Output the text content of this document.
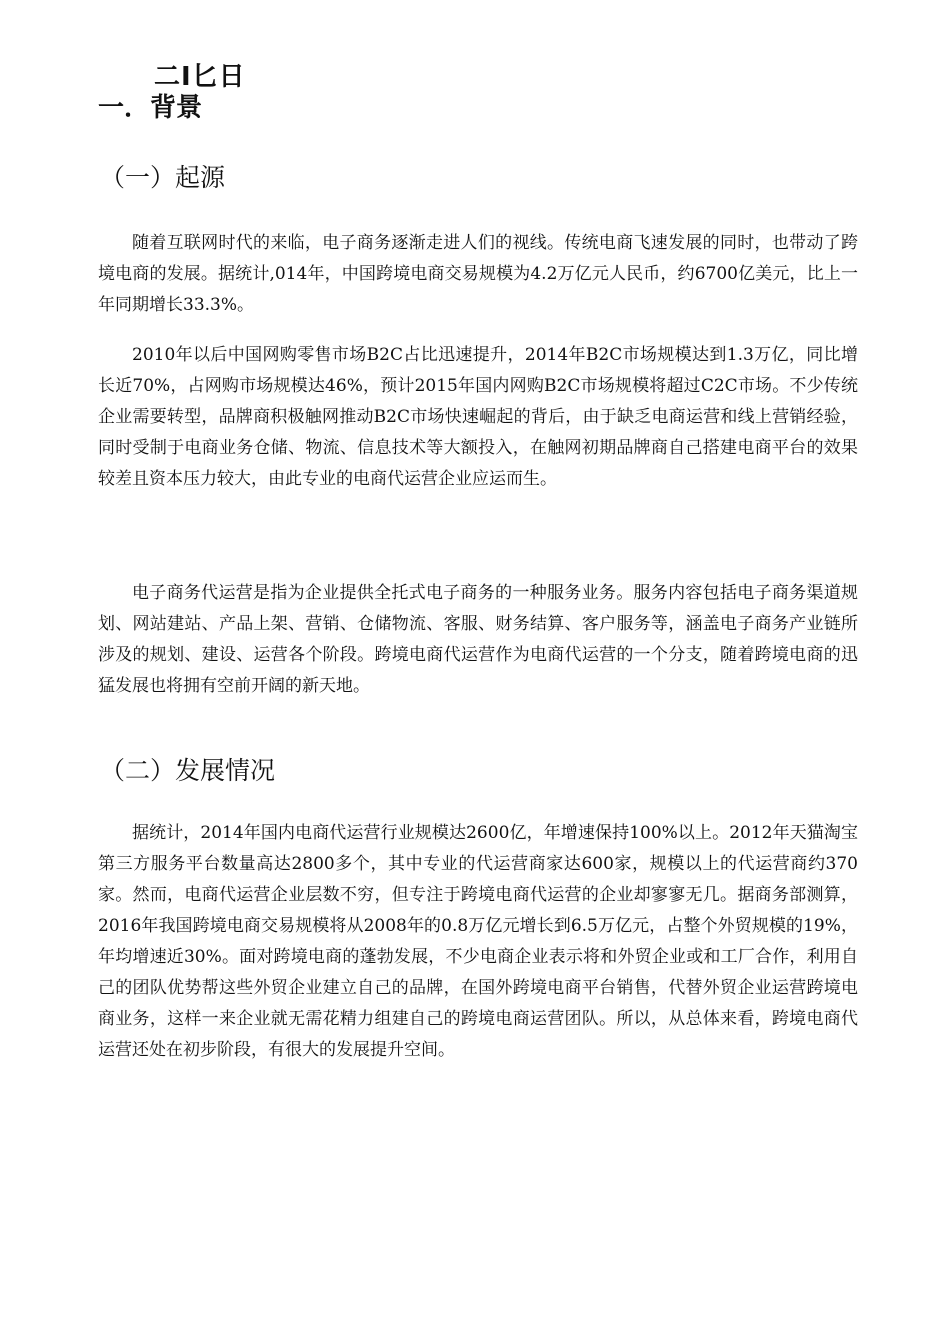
二I匕日
一．背景
（一）起源

随着互联网时代的来临，电子商务逐渐走进人们的视线。传统电商飞速发展的同时，也带动了跨境电商的发展。据统计,014年，中国跨境电商交易规模为4.2万亿元人民币，约6700亿美元，比上一年同期增长33.3%。

2010年以后中国网购零售市场B2C占比迅速提升，2014年B2C市场规模达到1.3万亿，同比增长近70%，占网购市场规模达46%，预计2015年国内网购B2C市场规模将超过C2C市场。不少传统企业需要转型，品牌商积极触网推动B2C市场快速崛起的背后，由于缺乏电商运营和线上营销经验，同时受制于电商业务仓储、物流、信息技术等大额投入，在触网初期品牌商自己搭建电商平台的效果较差且资本压力较大，由此专业的电商代运营企业应运而生。

电子商务代运营是指为企业提供全托式电子商务的一种服务业务。服务内容包括电子商务渠道规划、网站建站、产品上架、营销、仓储物流、客服、财务结算、客户服务等，涵盖电子商务产业链所涉及的规划、建设、运营各个阶段。跨境电商代运营作为电商代运营的一个分支，随着跨境电商的迅猛发展也将拥有空前开阔的新天地。

（二）发展情况

据统计，2014年国内电商代运营行业规模达2600亿，年增速保持100%以上。2012年天猫淘宝第三方服务平台数量高达2800多个，其中专业的代运营商家达600家，规模以上的代运营商约370家。然而，电商代运营企业层数不穷，但专注于跨境电商代运营的企业却寥寥无几。据商务部测算，2016年我国跨境电商交易规模将从2008年的0.8万亿元增长到6.5万亿元，占整个外贸规模的19%，年均增速近30%。面对跨境电商的蓬勃发展，不少电商企业表示将和外贸企业或和工厂合作，利用自己的团队优势帮这些外贸企业建立自己的品牌，在国外跨境电商平台销售，代替外贸企业运营跨境电商业务，这样一来企业就无需花精力组建自己的跨境电商运营团队。所以，从总体来看，跨境电商代运营还处在初步阶段，有很大的发展提升空间。
